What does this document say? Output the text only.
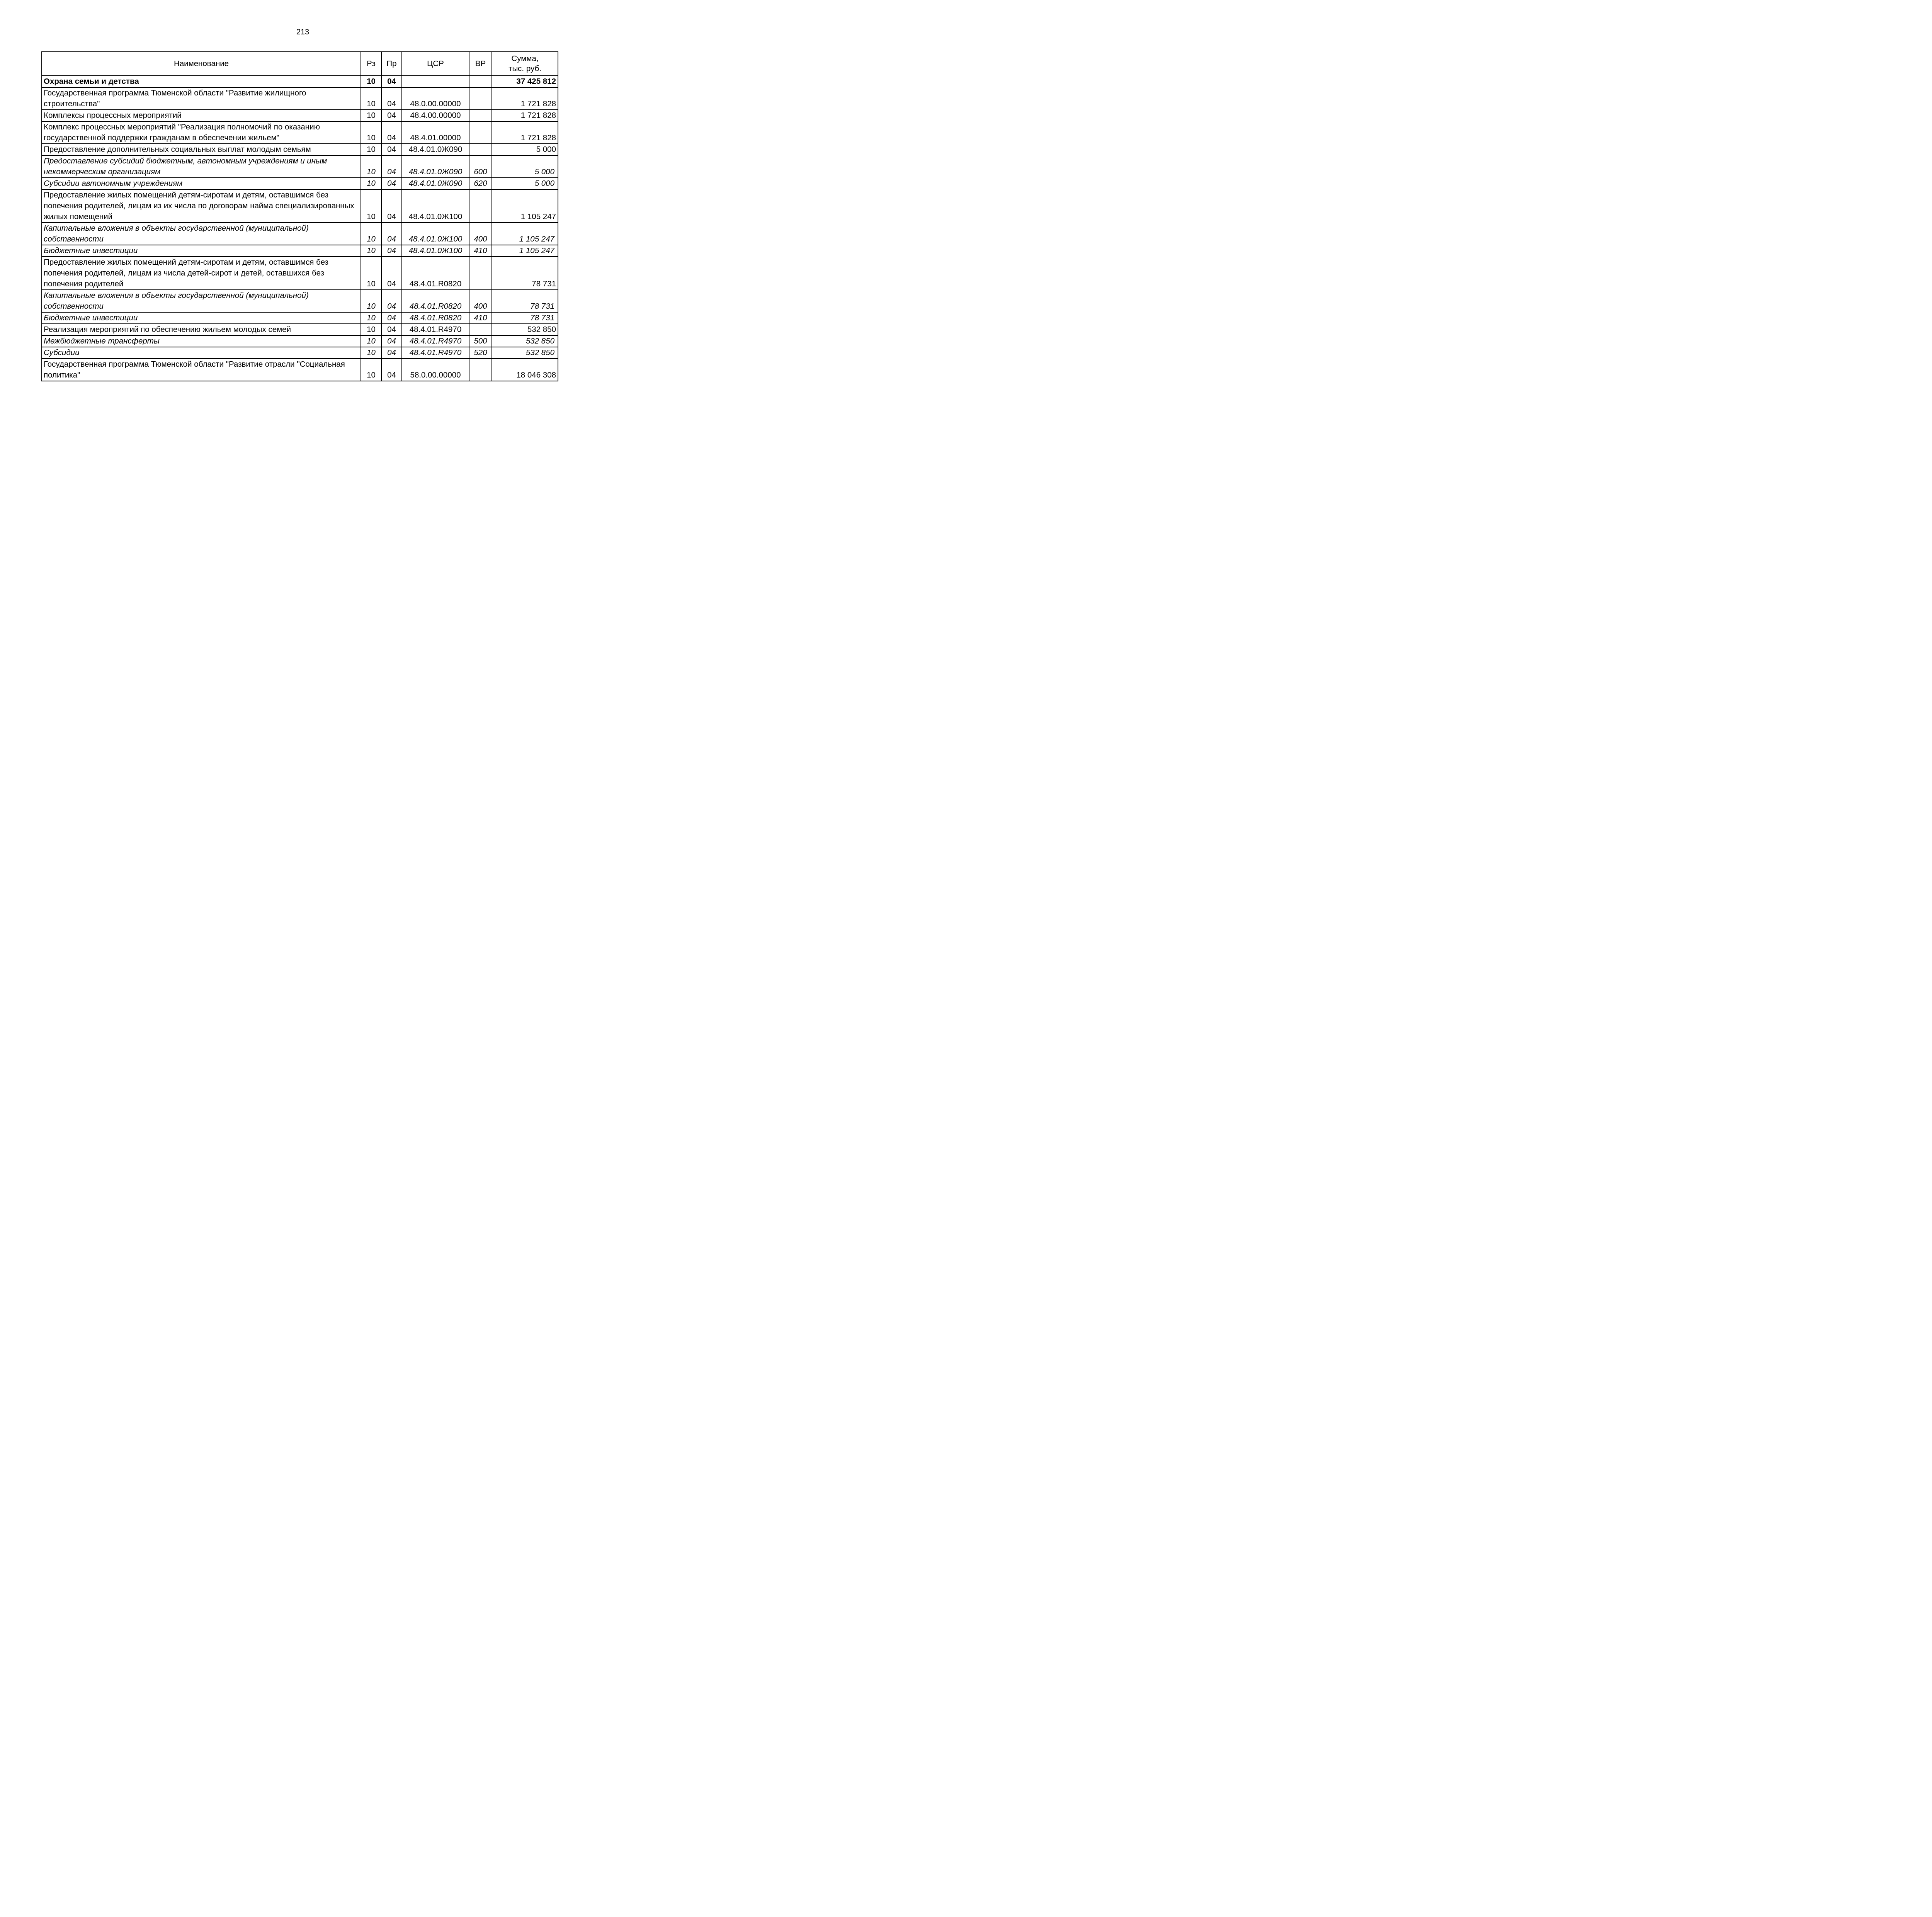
213
Наименование	Рз	Пр	ЦСР	ВР	Сумма,
тыс. руб.
Охрана семьи и детства	10	04			37 425 812
Государственная программа Тюменской области "Развитие жилищного строительства"	10	04	48.0.00.00000		1 721 828
Комплексы процессных мероприятий	10	04	48.4.00.00000		1 721 828
Комплекс процессных мероприятий "Реализация полномочий по оказанию государственной поддержки гражданам в обеспечении жильем"	10	04	48.4.01.00000		1 721 828
Предоставление дополнительных социальных выплат молодым семьям	10	04	48.4.01.0Ж090		5 000
Предоставление субсидий бюджетным, автономным учреждениям и иным некоммерческим организациям	10	04	48.4.01.0Ж090	600	5 000
Субсидии автономным учреждениям	10	04	48.4.01.0Ж090	620	5 000
Предоставление жилых помещений детям-сиротам и детям, оставшимся без попечения родителей, лицам из их числа по договорам найма специализированных жилых помещений	10	04	48.4.01.0Ж100		1 105 247
Капитальные вложения в объекты государственной (муниципальной) собственности	10	04	48.4.01.0Ж100	400	1 105 247
Бюджетные инвестиции	10	04	48.4.01.0Ж100	410	1 105 247
Предоставление жилых помещений детям-сиротам и детям, оставшимся без попечения родителей, лицам из числа детей-сирот и детей, оставшихся без попечения родителей	10	04	48.4.01.R0820		78 731
Капитальные вложения в объекты государственной (муниципальной) собственности	10	04	48.4.01.R0820	400	78 731
Бюджетные инвестиции	10	04	48.4.01.R0820	410	78 731
Реализация мероприятий по обеспечению жильем молодых семей	10	04	48.4.01.R4970		532 850
Межбюджетные трансферты	10	04	48.4.01.R4970	500	532 850
Субсидии	10	04	48.4.01.R4970	520	532 850
Государственная программа Тюменской области "Развитие отрасли "Социальная политика"	10	04	58.0.00.00000		18 046 308
